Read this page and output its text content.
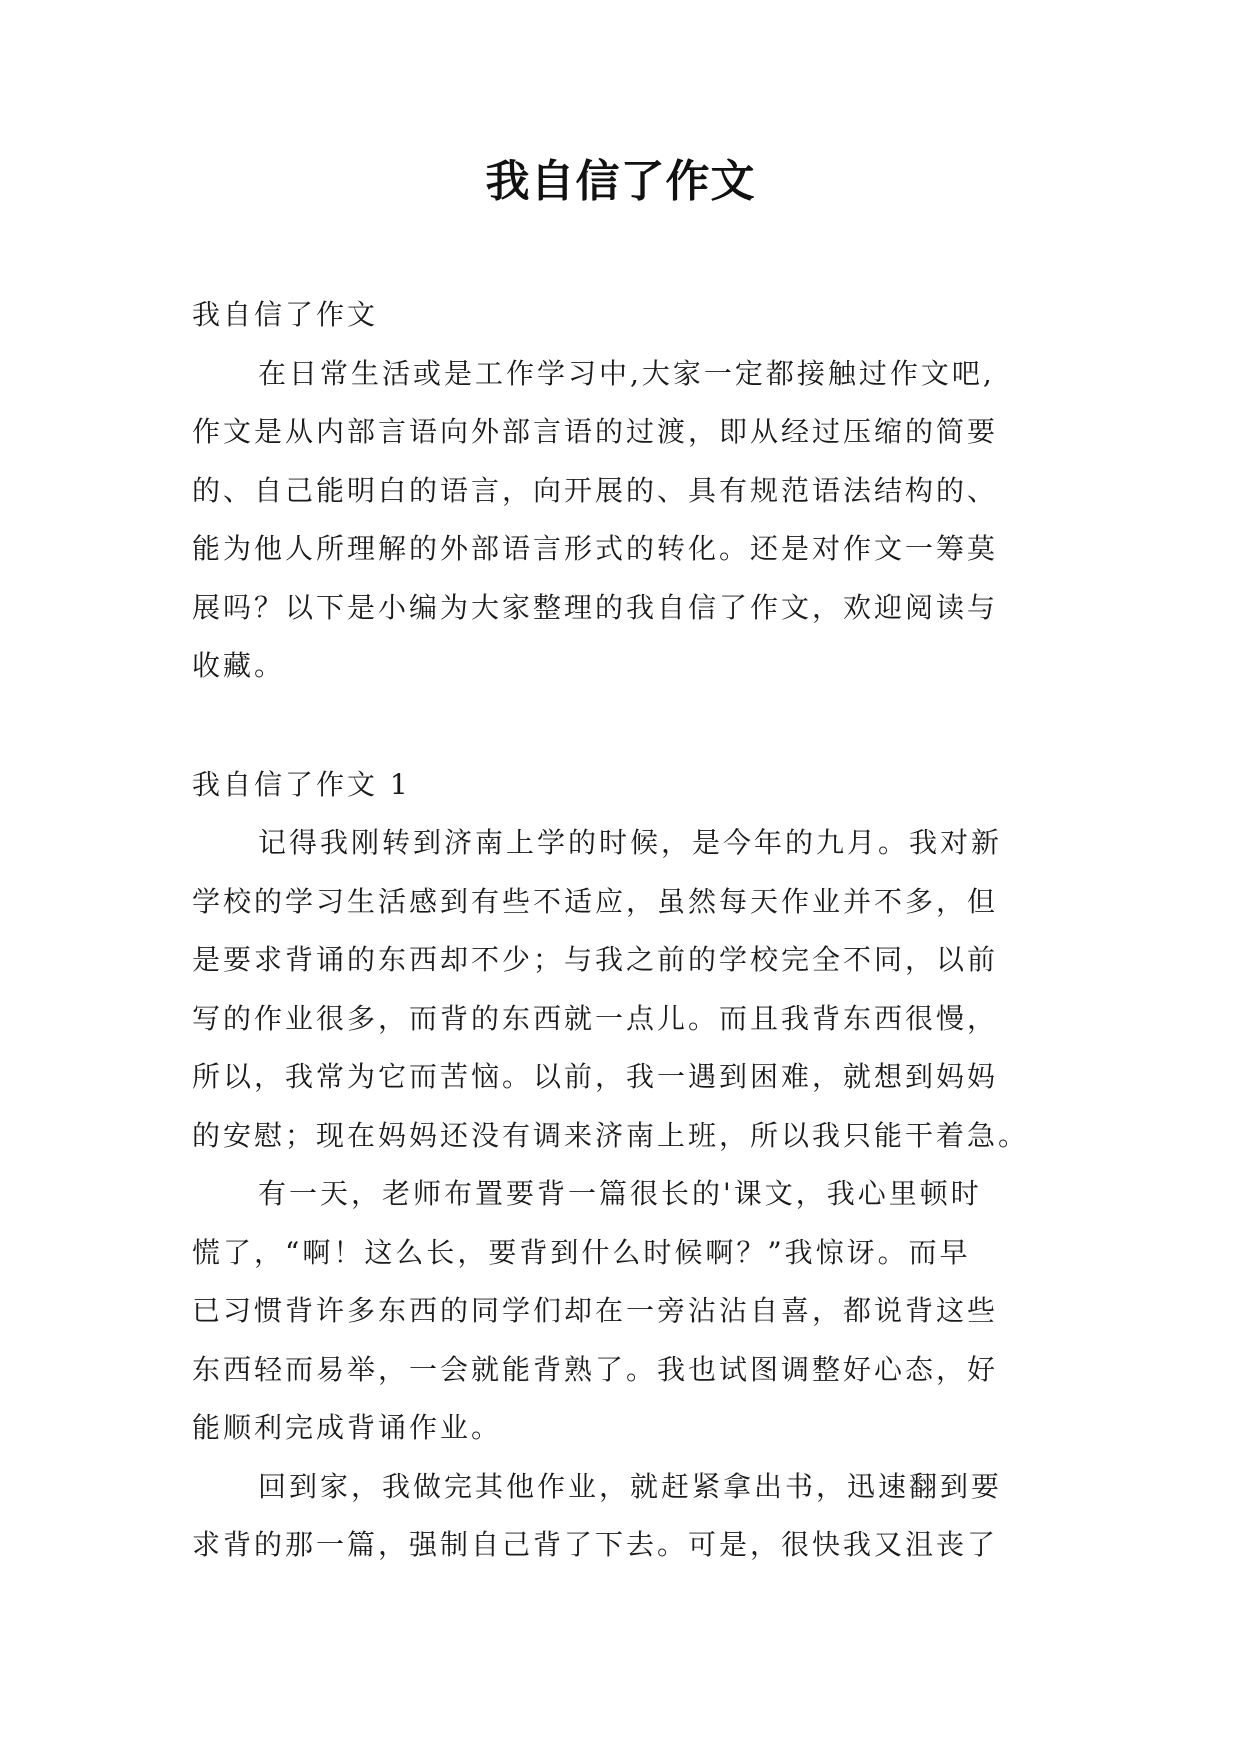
我自信了作文
我自信了作文
在日常生活或是工作学习中,大家一定都接触过作文吧,
作文是从内部言语向外部言语的过渡，即从经过压缩的简要
的、自己能明白的语言，向开展的、具有规范语法结构的、
能为他人所理解的外部语言形式的转化。还是对作文一筹莫
展吗？以下是小编为大家整理的我自信了作文，欢迎阅读与
收藏。
我自信了作文 1
记得我刚转到济南上学的时候，是今年的九月。我对新
学校的学习生活感到有些不适应，虽然每天作业并不多，但
是要求背诵的东西却不少；与我之前的学校完全不同，以前
写的作业很多，而背的东西就一点儿。而且我背东西很慢，
所以，我常为它而苦恼。以前，我一遇到困难，就想到妈妈
的安慰；现在妈妈还没有调来济南上班，所以我只能干着急。
有一天，老师布置要背一篇很长的'课文，我心里顿时
慌了，“啊！这么长，要背到什么时候啊？”我惊讶。而早
已习惯背许多东西的同学们却在一旁沾沾自喜，都说背这些
东西轻而易举，一会就能背熟了。我也试图调整好心态，好
能顺利完成背诵作业。
回到家，我做完其他作业，就赶紧拿出书，迅速翻到要
求背的那一篇，强制自己背了下去。可是，很快我又沮丧了
